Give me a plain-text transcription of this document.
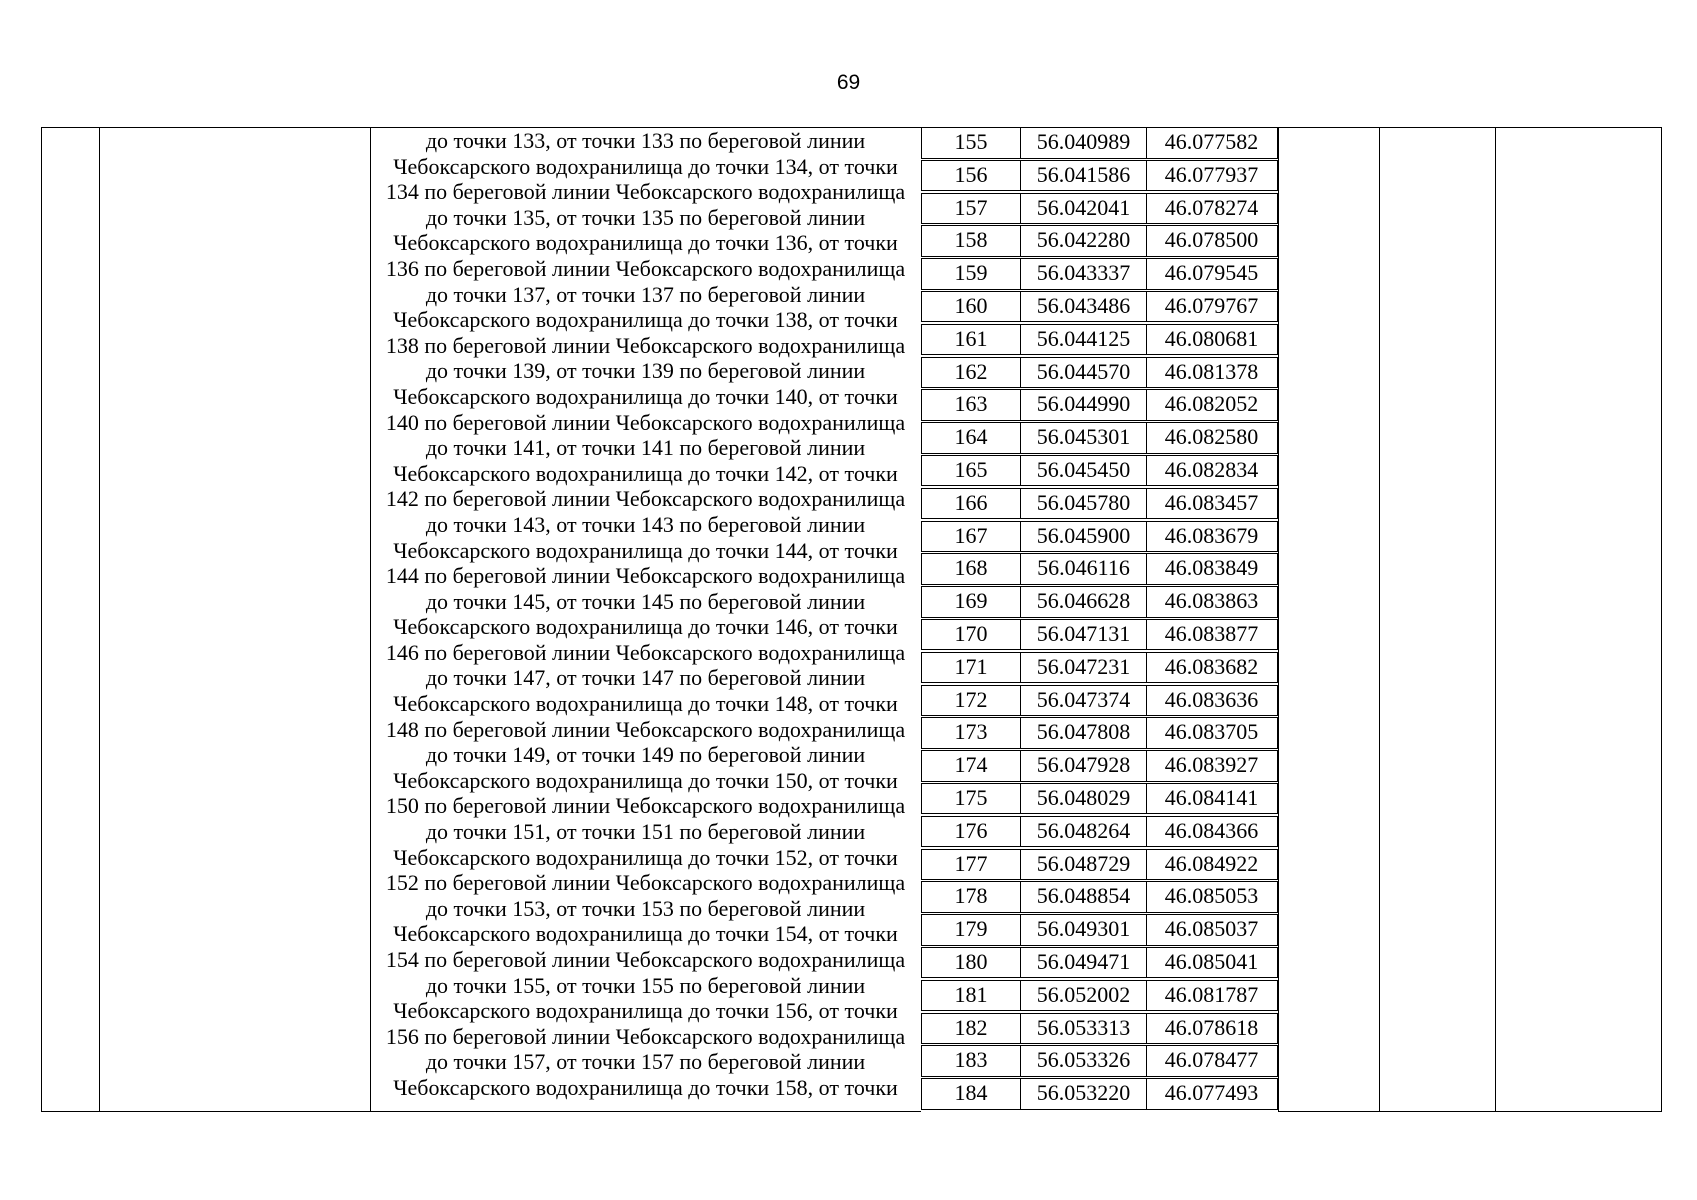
69
до точки 133, от точки 133 по береговой линии
Чебоксарского водохранилища до точки 134, от точки
134 по береговой линии Чебоксарского водохранилища
до точки 135, от точки 135 по береговой линии
Чебоксарского водохранилища до точки 136, от точки
136 по береговой линии Чебоксарского водохранилища
до точки 137, от точки 137 по береговой линии
Чебоксарского водохранилища до точки 138, от точки
138 по береговой линии Чебоксарского водохранилища
до точки 139, от точки 139 по береговой линии
Чебоксарского водохранилища до точки 140, от точки
140 по береговой линии Чебоксарского водохранилища
до точки 141, от точки 141 по береговой линии
Чебоксарского водохранилища до точки 142, от точки
142 по береговой линии Чебоксарского водохранилища
до точки 143, от точки 143 по береговой линии
Чебоксарского водохранилища до точки 144, от точки
144 по береговой линии Чебоксарского водохранилища
до точки 145, от точки 145 по береговой линии
Чебоксарского водохранилища до точки 146, от точки
146 по береговой линии Чебоксарского водохранилища
до точки 147, от точки 147 по береговой линии
Чебоксарского водохранилища до точки 148, от точки
148 по береговой линии Чебоксарского водохранилища
до точки 149, от точки 149 по береговой линии
Чебоксарского водохранилища до точки 150, от точки
150 по береговой линии Чебоксарского водохранилища
до точки 151, от точки 151 по береговой линии
Чебоксарского водохранилища до точки 152, от точки
152 по береговой линии Чебоксарского водохранилища
до точки 153, от точки 153 по береговой линии
Чебоксарского водохранилища до точки 154, от точки
154 по береговой линии Чебоксарского водохранилища
до точки 155, от точки 155 по береговой линии
Чебоксарского водохранилища до точки 156, от точки
156 по береговой линии Чебоксарского водохранилища
до точки 157, от точки 157 по береговой линии
Чебоксарского водохранилища до точки 158, от точки
155	56.040989	46.077582
156	56.041586	46.077937
157	56.042041	46.078274
158	56.042280	46.078500
159	56.043337	46.079545
160	56.043486	46.079767
161	56.044125	46.080681
162	56.044570	46.081378
163	56.044990	46.082052
164	56.045301	46.082580
165	56.045450	46.082834
166	56.045780	46.083457
167	56.045900	46.083679
168	56.046116	46.083849
169	56.046628	46.083863
170	56.047131	46.083877
171	56.047231	46.083682
172	56.047374	46.083636
173	56.047808	46.083705
174	56.047928	46.083927
175	56.048029	46.084141
176	56.048264	46.084366
177	56.048729	46.084922
178	56.048854	46.085053
179	56.049301	46.085037
180	56.049471	46.085041
181	56.052002	46.081787
182	56.053313	46.078618
183	56.053326	46.078477
184	56.053220	46.077493
